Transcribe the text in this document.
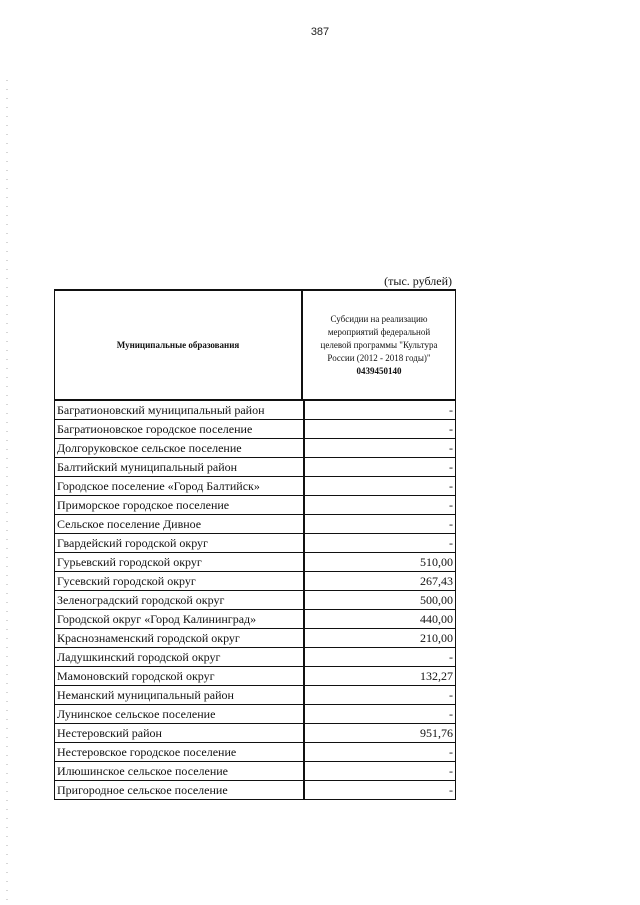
387
(тыс. рублей)
Муниципальные образования
Субсидии на реализацию
мероприятий федеральной
целевой программы "Культура
России (2012 - 2018 годы)"
0439450140
Багратионовский муниципальный район	-
Багратионовское городское поселение	-
Долгоруковское сельское поселение	-
Балтийский муниципальный район	-
Городское поселение «Город Балтийск»	-
Приморское городское поселение	-
Сельское поселение Дивное	-
Гвардейский городской округ	-
Гурьевский городской округ	510,00
Гусевский городской округ	267,43
Зеленоградский городской округ	500,00
Городской округ «Город Калининград»	440,00
Краснознаменский городской округ	210,00
Ладушкинский городской округ	-
Мамоновский городской округ	132,27
Неманский муниципальный район	-
Лунинское сельское поселение	-
Нестеровский район	951,76
Нестеровское городское поселение	-
Илюшинское сельское поселение	-
Пригородное сельское поселение	-
